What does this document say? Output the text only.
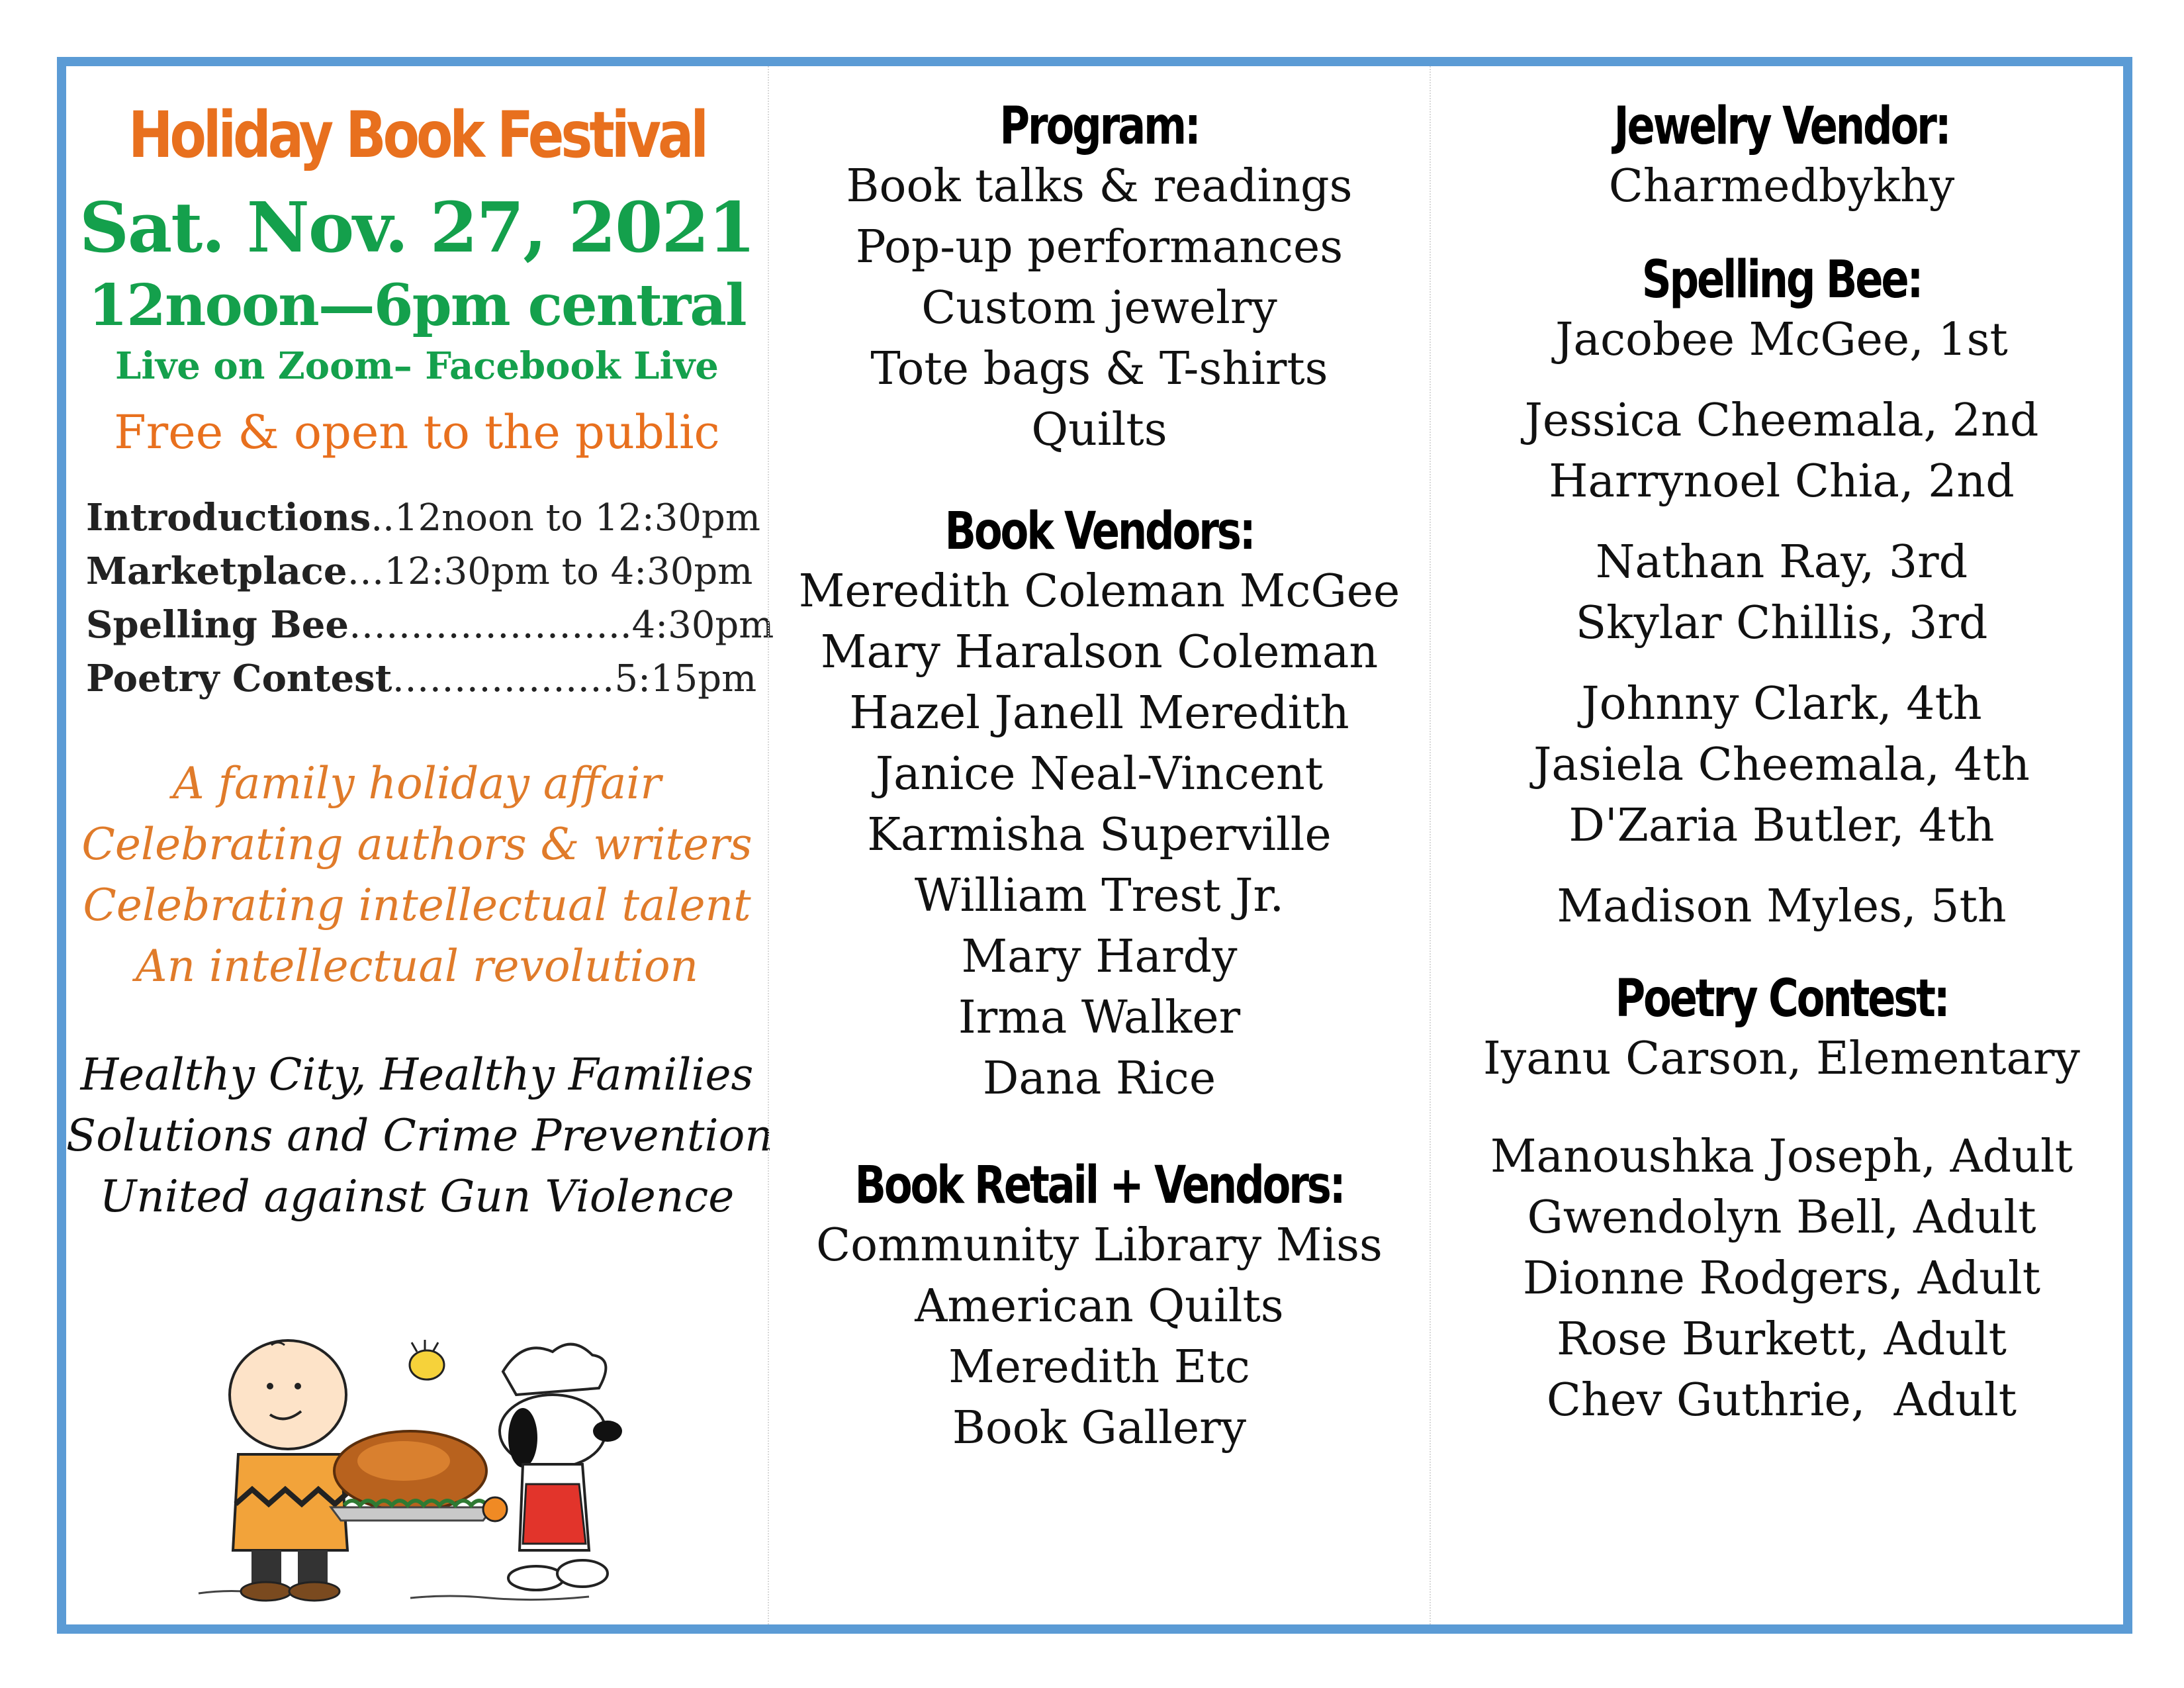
Holiday Book Festival
Sat. Nov. 27, 2021
12noon—6pm central
Live on Zoom– Facebook Live
Free & open to the public
Introductions..12noon to 12:30pm
Marketplace…12:30pm to 4:30pm
Spelling Bee…………………..4:30pm
Poetry Contest………………5:15pm
A family holiday affair
Celebrating authors & writers
Celebrating intellectual talent
An intellectual revolution
Healthy City, Healthy Families
Solutions and Crime Prevention
United against Gun Violence
Program:
Book talks & readings
Pop-up performances
Custom jewelry
Tote bags & T-shirts
Quilts
Book Vendors:
Meredith Coleman McGee
Mary Haralson Coleman
Hazel Janell Meredith
Janice Neal-Vincent
Karmisha Superville
William Trest Jr.
Mary Hardy
Irma Walker
Dana Rice
Book Retail + Vendors:
Community Library Miss
American Quilts
Meredith Etc
Book Gallery
Jewelry Vendor:
Charmedbykhy
Spelling Bee:
Jacobee McGee, 1st
Jessica Cheemala, 2nd
Harrynoel Chia, 2nd
Nathan Ray, 3rd
Skylar Chillis, 3rd
Johnny Clark, 4th
Jasiela Cheemala, 4th
D'Zaria Butler, 4th
Madison Myles, 5th
Poetry Contest:
Iyanu Carson, Elementary
Manoushka Joseph, Adult
Gwendolyn Bell, Adult
Dionne Rodgers, Adult
Rose Burkett, Adult
Chev Guthrie,  Adult
